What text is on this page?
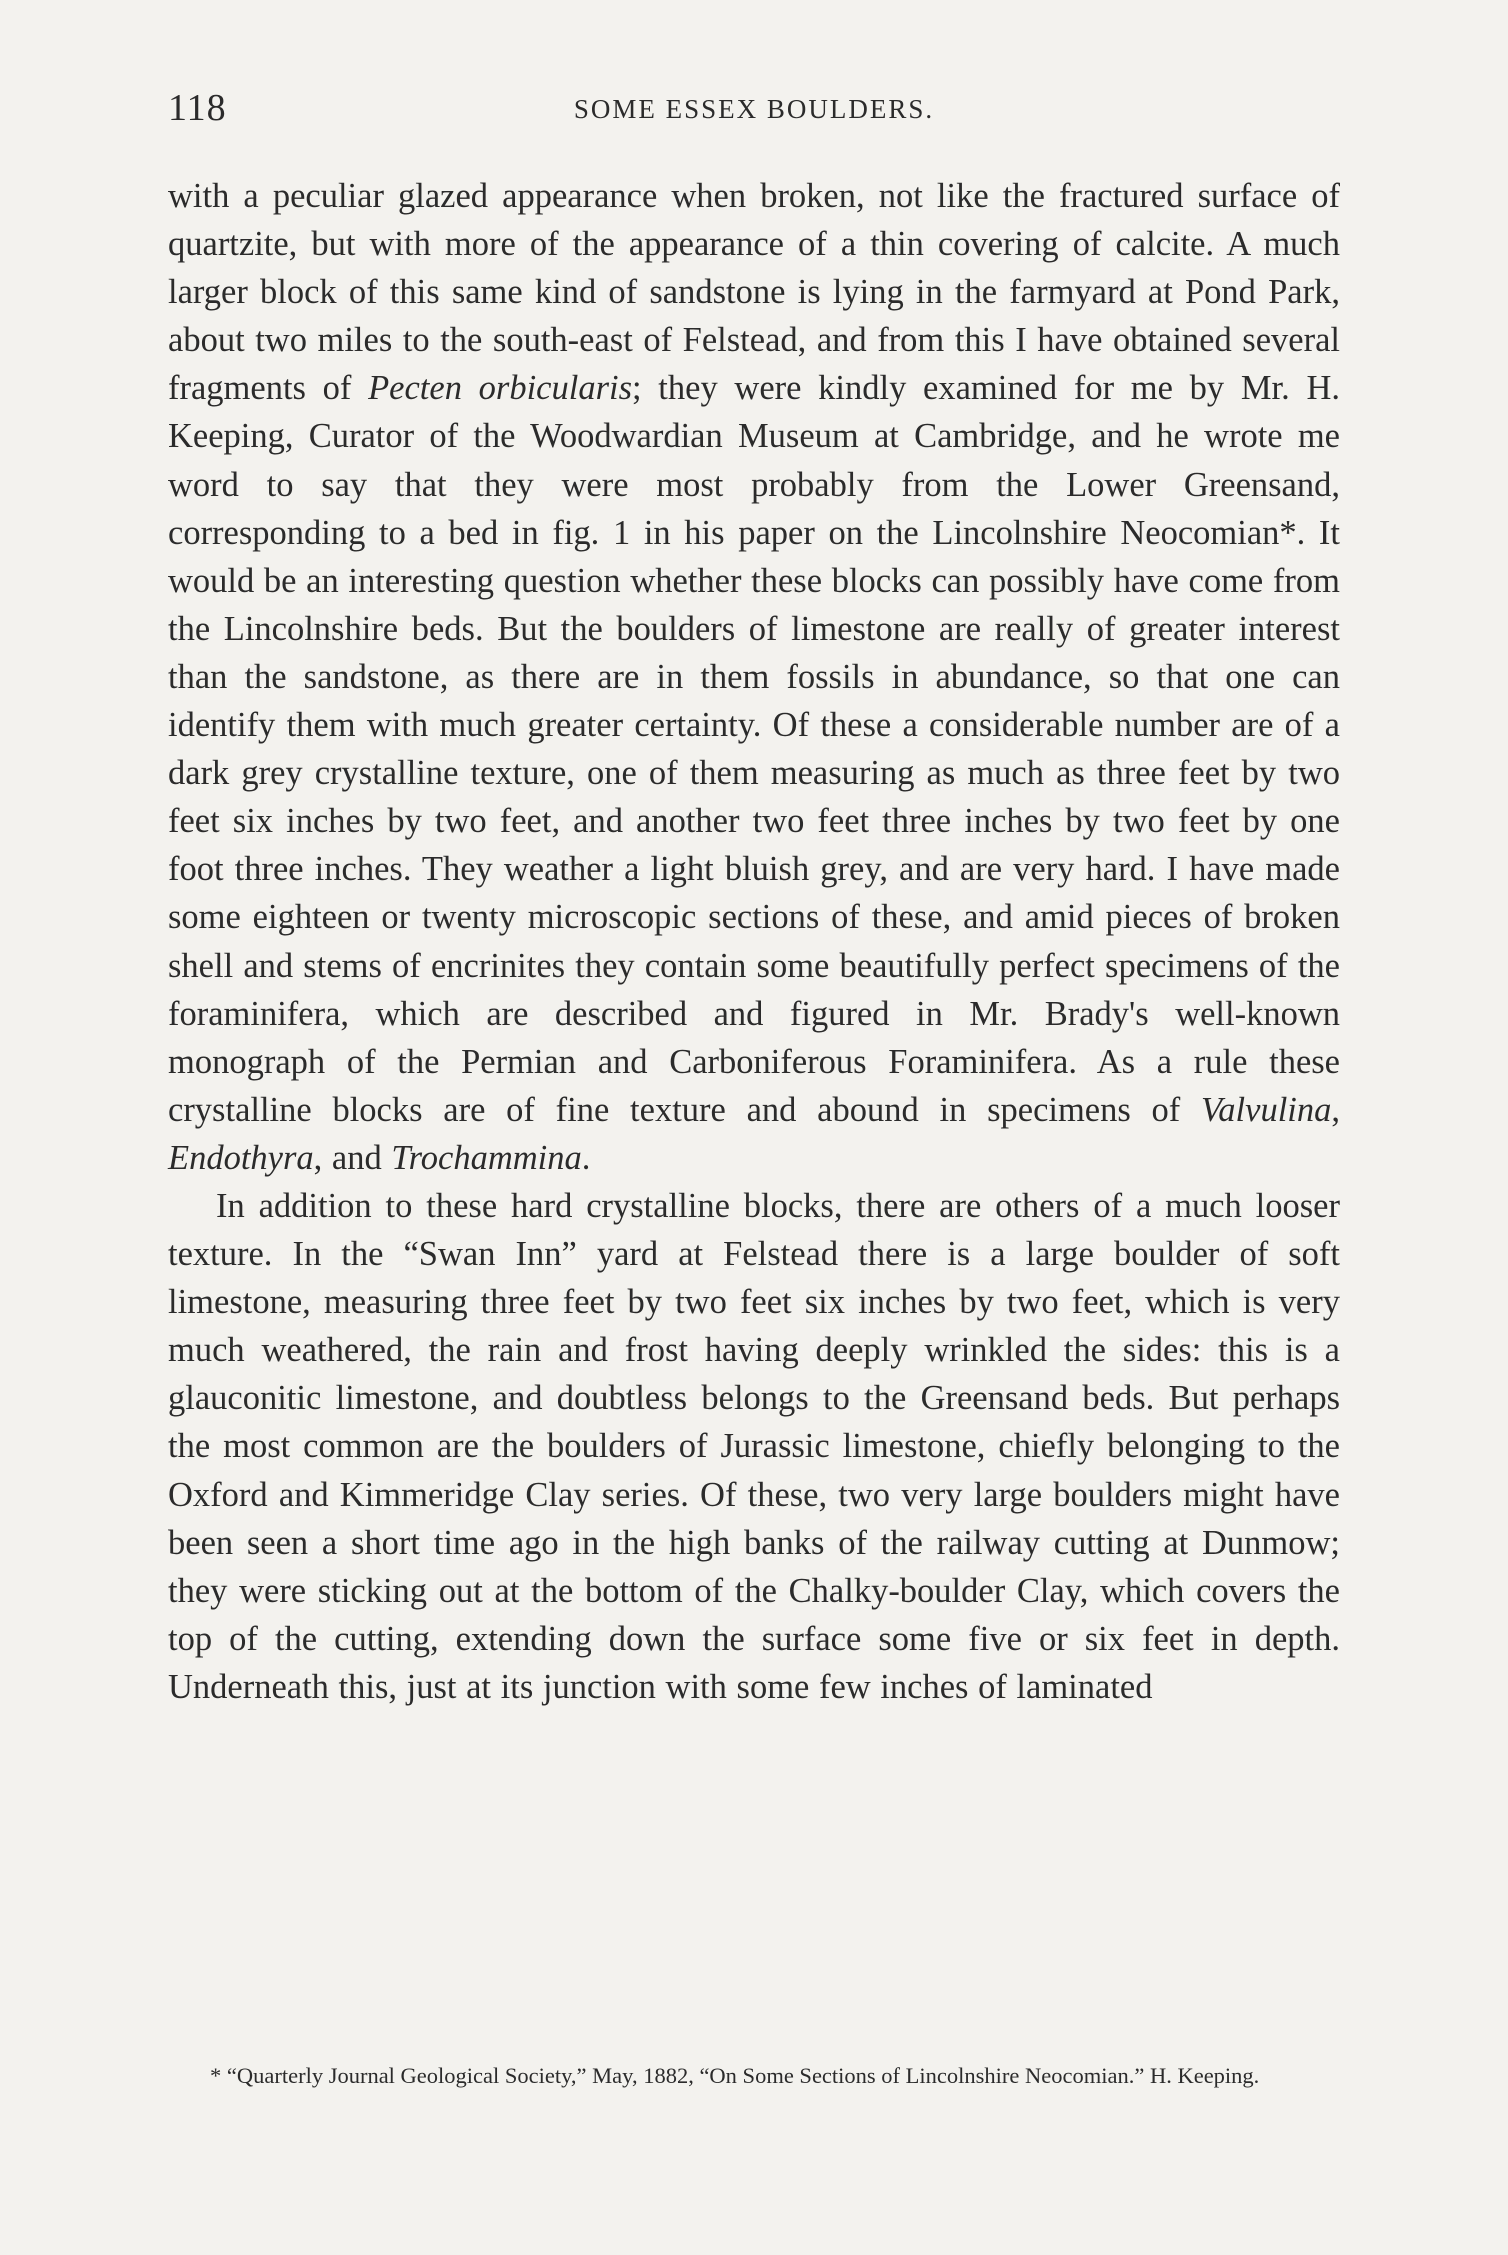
118	SOME ESSEX BOULDERS.

with a peculiar glazed appearance when broken, not like the fractured surface of quartzite, but with more of the appearance of a thin covering of calcite. A much larger block of this same kind of sandstone is lying in the farmyard at Pond Park, about two miles to the south-east of Felstead, and from this I have obtained several fragments of Pecten orbicularis; they were kindly examined for me by Mr. H. Keeping, Curator of the Woodwardian Museum at Cambridge, and he wrote me word to say that they were most probably from the Lower Greensand, corresponding to a bed in fig. 1 in his paper on the Lincolnshire Neocomian*. It would be an interesting question whether these blocks can possibly have come from the Lincolnshire beds. But the boulders of limestone are really of greater interest than the sandstone, as there are in them fossils in abundance, so that one can identify them with much greater certainty. Of these a considerable number are of a dark grey crystalline texture, one of them measuring as much as three feet by two feet six inches by two feet, and another two feet three inches by two feet by one foot three inches. They weather a light bluish grey, and are very hard. I have made some eighteen or twenty microscopic sections of these, and amid pieces of broken shell and stems of encrinites they contain some beautifully perfect specimens of the foraminifera, which are described and figured in Mr. Brady's well-known monograph of the Permian and Carboniferous Foraminifera. As a rule these crystalline blocks are of fine texture and abound in specimens of Valvulina, Endothyra, and Trochammina.

In addition to these hard crystalline blocks, there are others of a much looser texture. In the “Swan Inn” yard at Felstead there is a large boulder of soft limestone, measuring three feet by two feet six inches by two feet, which is very much weathered, the rain and frost having deeply wrinkled the sides: this is a glauconitic limestone, and doubtless belongs to the Greensand beds. But perhaps the most common are the boulders of Jurassic limestone, chiefly belonging to the Oxford and Kimmeridge Clay series. Of these, two very large boulders might have been seen a short time ago in the high banks of the railway cutting at Dunmow; they were sticking out at the bottom of the Chalky-boulder Clay, which covers the top of the cutting, extending down the surface some five or six feet in depth. Underneath this, just at its junction with some few inches of laminated

* “Quarterly Journal Geological Society,” May, 1882, “On Some Sections of Lincolnshire Neocomian.” H. Keeping.
